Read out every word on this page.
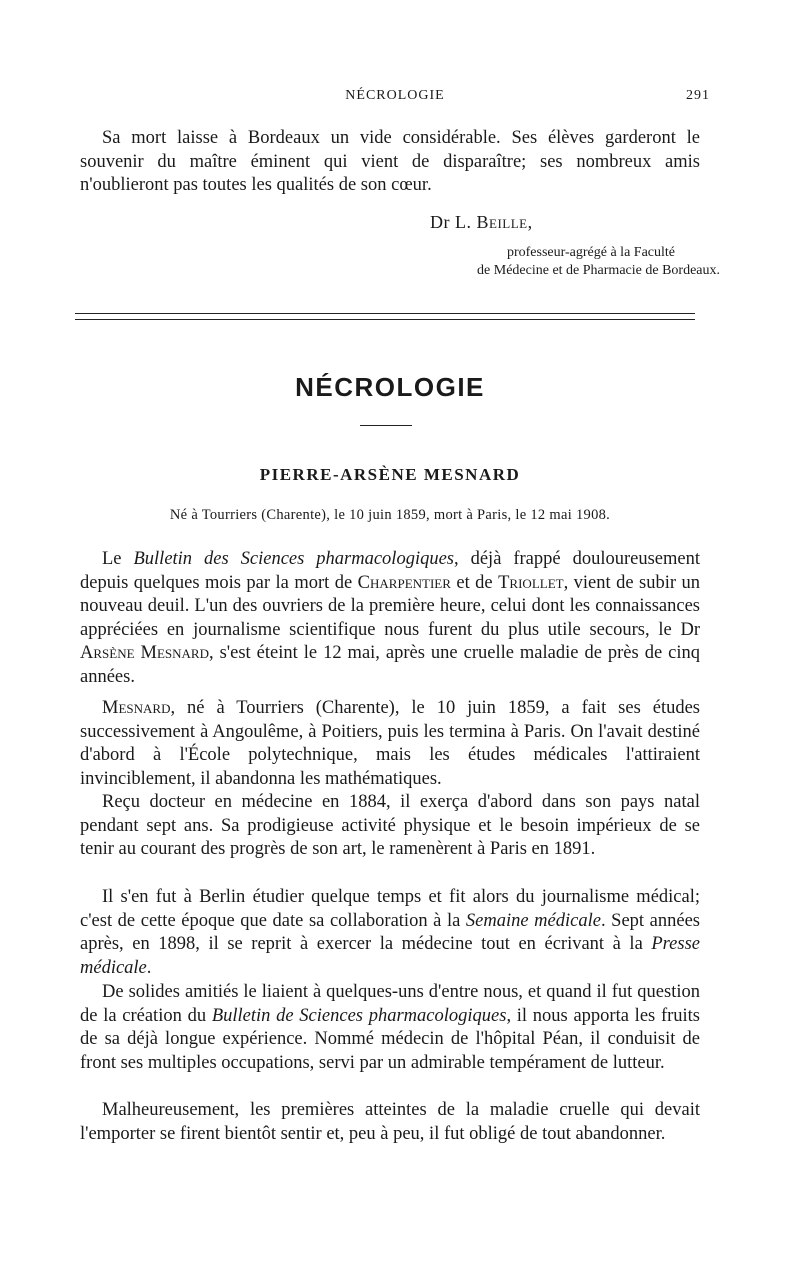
NÉCROLOGIE	291

Sa mort laisse à Bordeaux un vide considérable. Ses élèves garderont le souvenir du maître éminent qui vient de disparaître; ses nombreux amis n'oublieront pas toutes les qualités de son cœur.

Dr L. Beille,
professeur-agrégé à la Faculté
de Médecine et de Pharmacie de Bordeaux.
NÉCROLOGIE
PIERRE-ARSÈNE MESNARD
Né à Tourriers (Charente), le 10 juin 1859, mort à Paris, le 12 mai 1908.

Le Bulletin des Sciences pharmacologiques, déjà frappé douloureusement depuis quelques mois par la mort de Charpentier et de Triollet, vient de subir un nouveau deuil. L'un des ouvriers de la première heure, celui dont les connaissances appréciées en journalisme scientifique nous furent du plus utile secours, le Dr Arsène Mesnard, s'est éteint le 12 mai, après une cruelle maladie de près de cinq années.

Mesnard, né à Tourriers (Charente), le 10 juin 1859, a fait ses études successivement à Angoulême, à Poitiers, puis les termina à Paris. On l'avait destiné d'abord à l'École polytechnique, mais les études médicales l'attiraient invinciblement, il abandonna les mathématiques.

Reçu docteur en médecine en 1884, il exerça d'abord dans son pays natal pendant sept ans. Sa prodigieuse activité physique et le besoin impérieux de se tenir au courant des progrès de son art, le ramenèrent à Paris en 1891.

Il s'en fut à Berlin étudier quelque temps et fit alors du journalisme médical; c'est de cette époque que date sa collaboration à la Semaine médicale. Sept années après, en 1898, il se reprit à exercer la médecine tout en écrivant à la Presse médicale.

De solides amitiés le liaient à quelques-uns d'entre nous, et quand il fut question de la création du Bulletin de Sciences pharmacologiques, il nous apporta les fruits de sa déjà longue expérience. Nommé médecin de l'hôpital Péan, il conduisit de front ses multiples occupations, servi par un admirable tempérament de lutteur.

Malheureusement, les premières atteintes de la maladie cruelle qui devait l'emporter se firent bientôt sentir et, peu à peu, il fut obligé de tout abandonner.
